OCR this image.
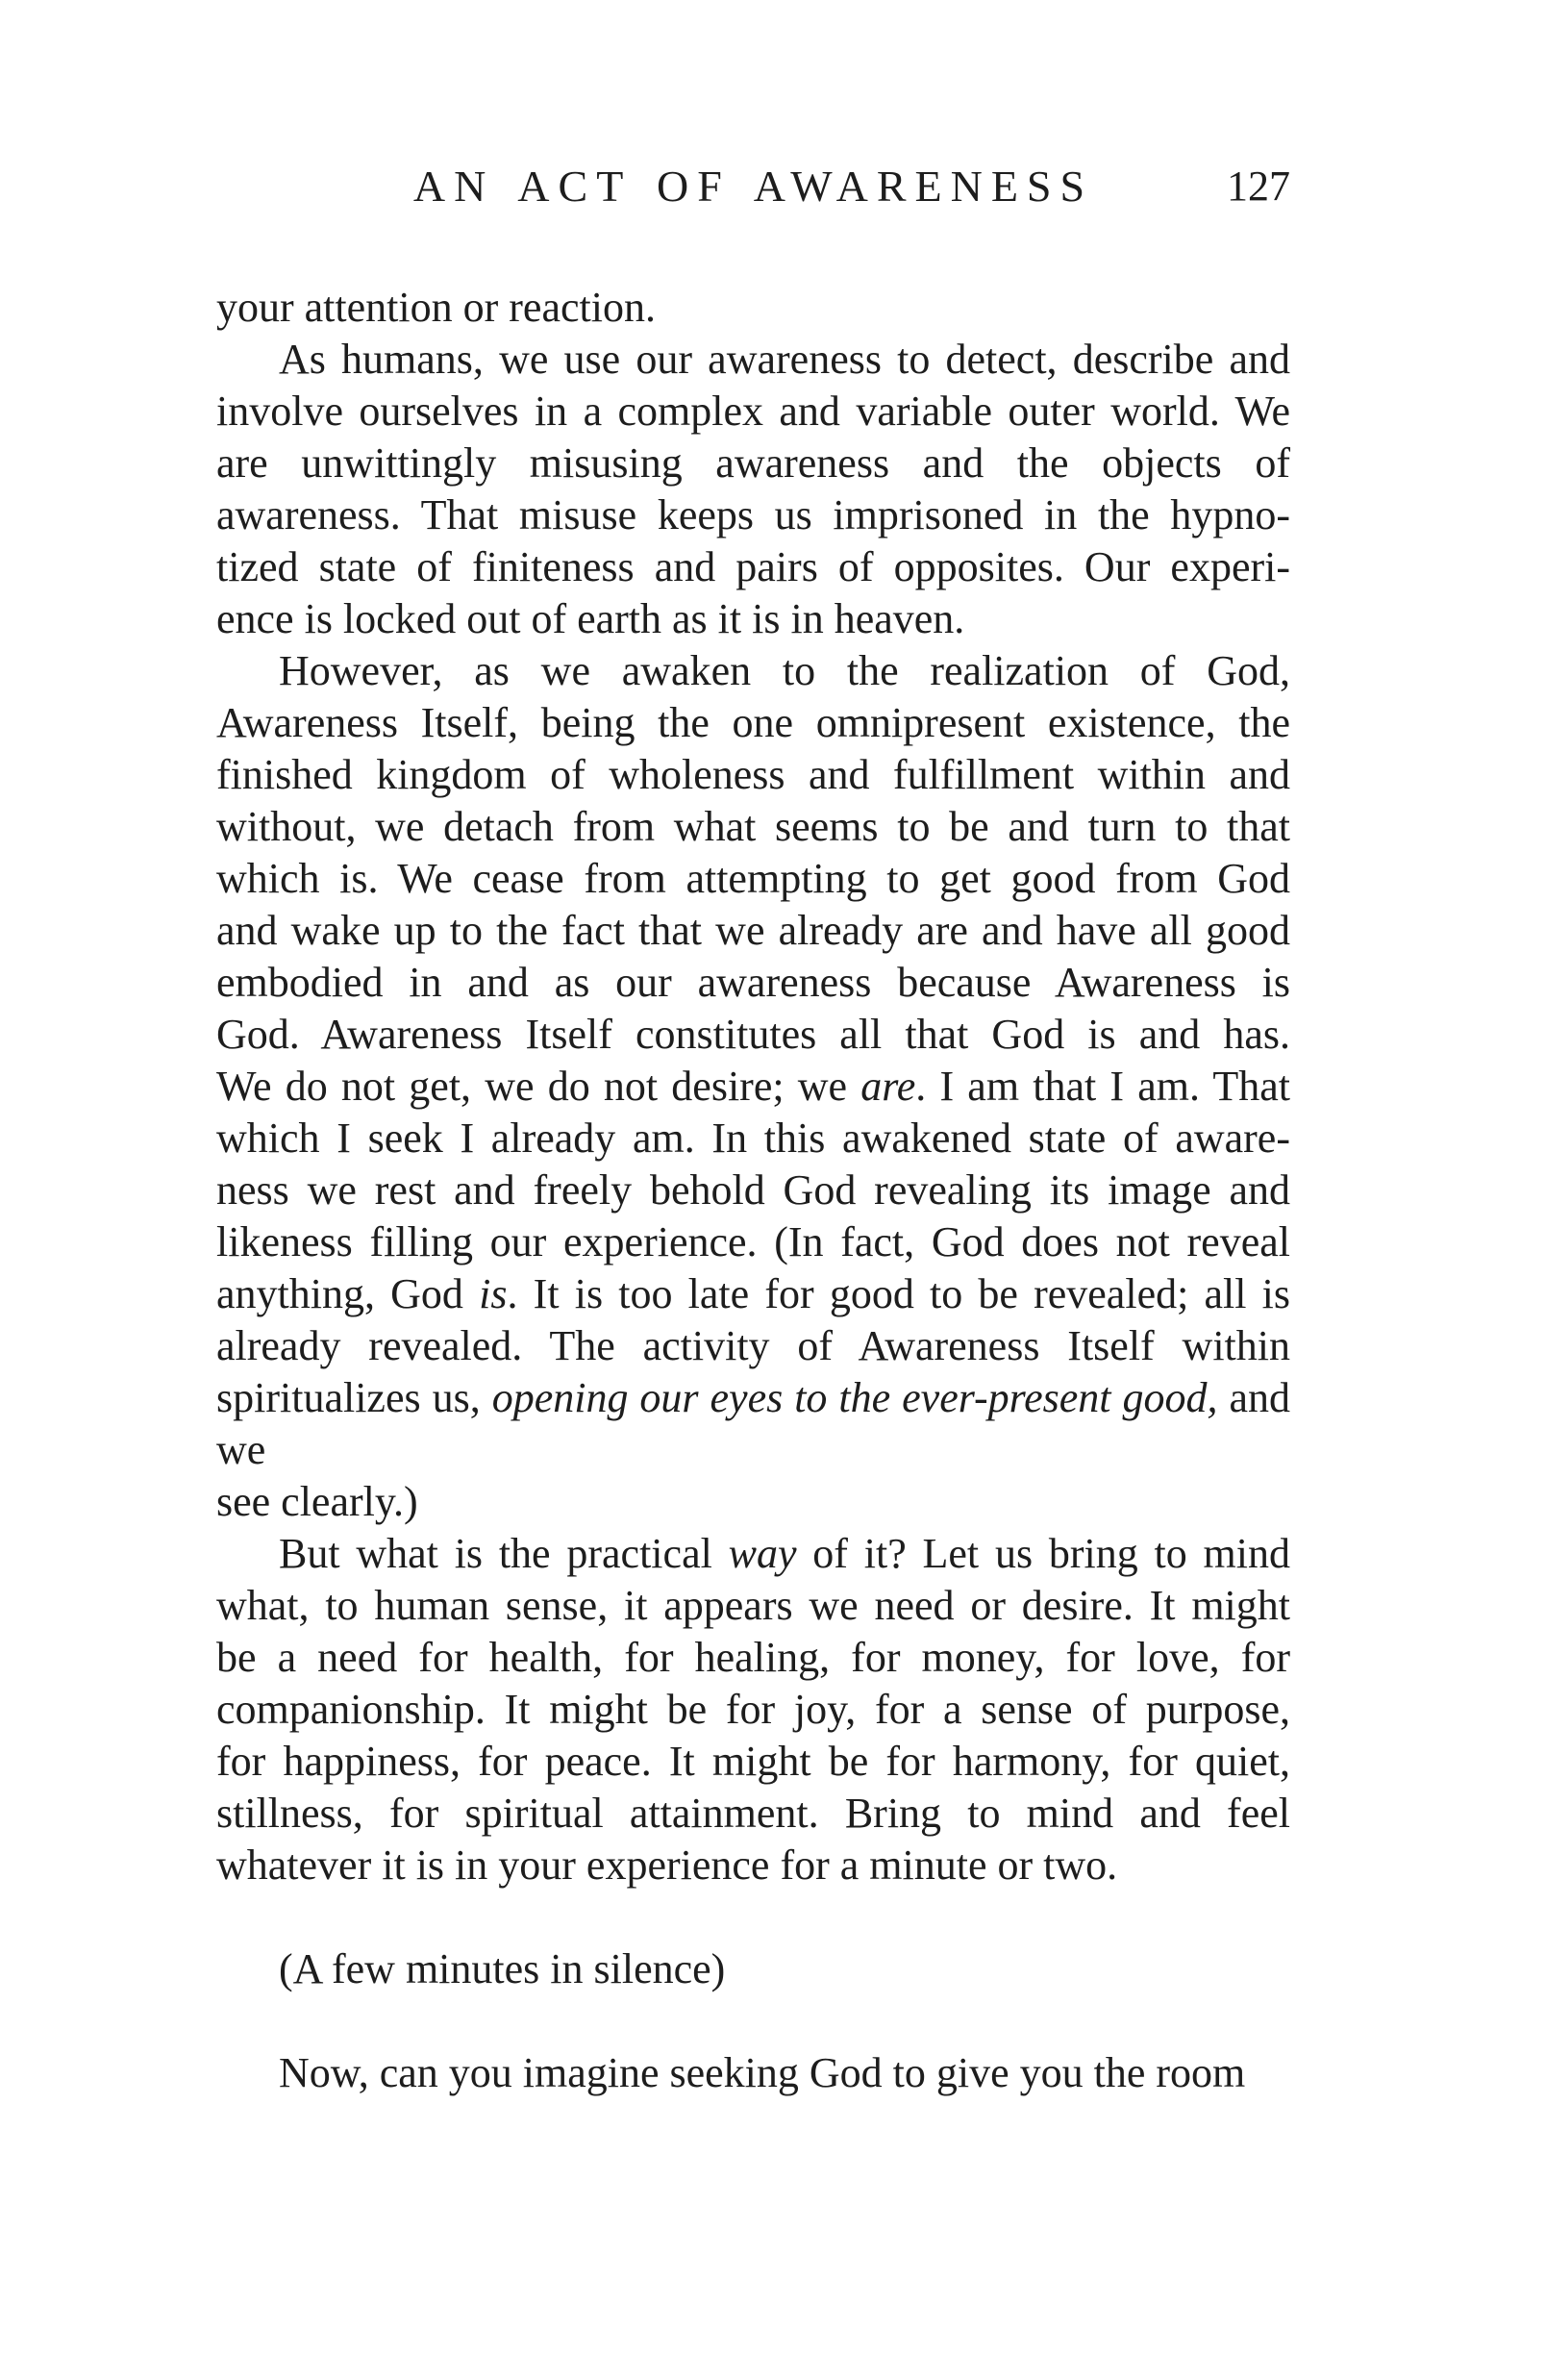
AN ACT OF AWARENESS	127
your attention or reaction.
As humans, we use our awareness to detect, describe and
involve ourselves in a complex and variable outer world. We
are unwittingly misusing awareness and the objects of
awareness. That misuse keeps us imprisoned in the hypno-
tized state of finiteness and pairs of opposites. Our experi-
ence is locked out of earth as it is in heaven.
However, as we awaken to the realization of God,
Awareness Itself, being the one omnipresent existence, the
finished kingdom of wholeness and fulfillment within and
without, we detach from what seems to be and turn to that
which is. We cease from attempting to get good from God
and wake up to the fact that we already are and have all good
embodied in and as our awareness because Awareness is
God. Awareness Itself constitutes all that God is and has.
We do not get, we do not desire; we are. I am that I am. That
which I seek I already am. In this awakened state of aware-
ness we rest and freely behold God revealing its image and
likeness filling our experience. (In fact, God does not reveal
anything, God is. It is too late for good to be revealed; all is
already revealed. The activity of Awareness Itself within
spiritualizes us, opening our eyes to the ever-present good, and we
see clearly.)
But what is the practical way of it? Let us bring to mind
what, to human sense, it appears we need or desire. It might
be a need for health, for healing, for money, for love, for
companionship. It might be for joy, for a sense of purpose,
for happiness, for peace. It might be for harmony, for quiet,
stillness, for spiritual attainment. Bring to mind and feel
whatever it is in your experience for a minute or two.
(A few minutes in silence)
Now, can you imagine seeking God to give you the room
